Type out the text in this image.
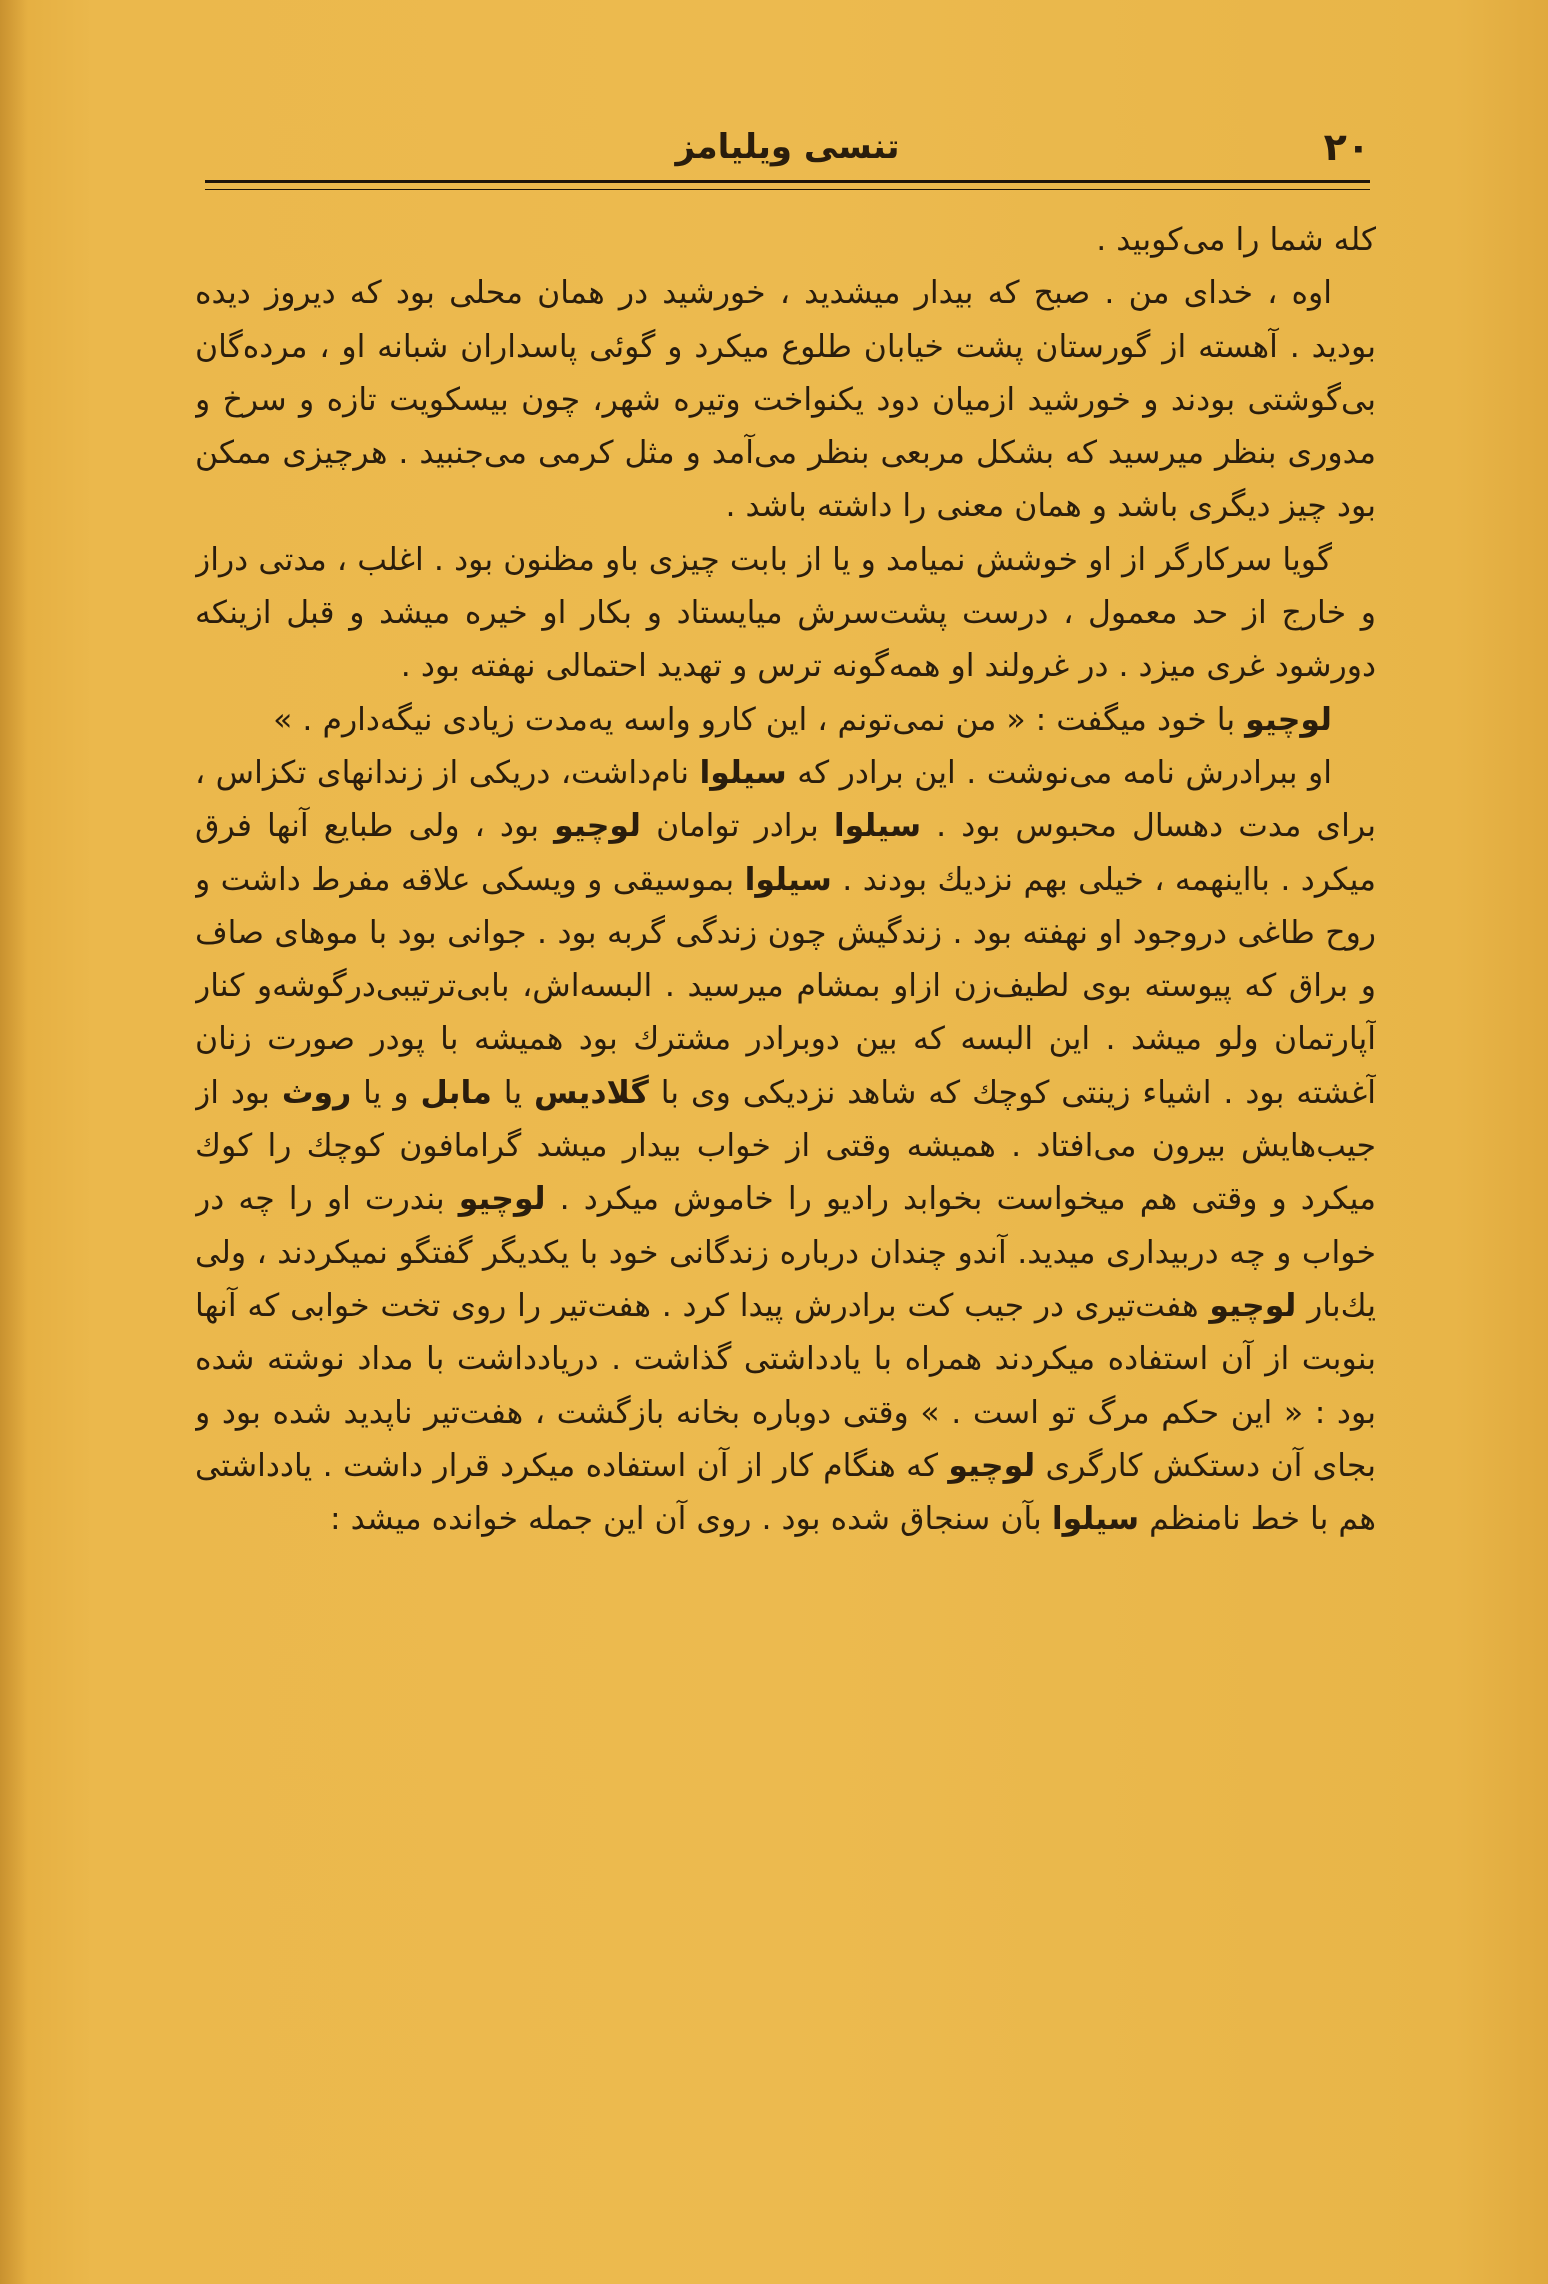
۲۰
تنسی ویلیامز

کله شما را می‌کوبید .

اوه ، خدای من . صبح که بیدار میشدید ، خورشید در همان محلی بود که دیروز دیده بودید . آهسته از گورستان پشت خیابان طلوع میکرد و گوئی پاسداران شبانه او ، مرده‌گان بی‌گوشتی بودند و خورشید ازمیان دود یکنواخت وتیره شهر، چون بیسکویت تازه و سرخ و مدوری بنظر میرسید که بشکل مربعی بنظر می‌آمد و مثل کرمی می‌جنبید . هرچیزی ممکن بود چیز دیگری باشد و همان معنی را داشته باشد .

گویا سرکارگر از او خوشش نمیامد و یا از بابت چیزی باو مظنون بود . اغلب ، مدتی دراز و خارج از حد معمول ، درست پشت‌سرش میایستاد و بکار او خیره میشد و قبل ازینکه دورشود غری میزد . در غرولند او همه‌گونه ترس و تهدید احتمالی نهفته بود .

لوچیو با خود میگفت : « من نمی‌تونم ، این کارو واسه یه‌مدت زیادی نیگه‌دارم . »

او ببرادرش نامه می‌نوشت . این برادر که سیلوا نام‌داشت، دریکی از زندانهای تکزاس ، برای مدت دهسال محبوس بود . سیلوا برادر توامان لوچیو بود ، ولی طبایع آنها فرق میکرد . بااینهمه ، خیلی بهم نزدیك بودند . سیلوا بموسیقی و ویسکی علاقه مفرط داشت و روح طاغی دروجود او نهفته بود . زندگیش چون زندگی گربه بود . جوانی بود با موهای صاف و براق که پیوسته بوی لطیف‌زن ازاو بمشام میرسید . البسه‌اش، بابی‌ترتیبی‌درگوشه‌و کنار آپارتمان ولو میشد . این البسه که بین دوبرادر مشترك بود همیشه با پودر صورت زنان آغشته بود . اشیاء زینتی کوچك که شاهد نزدیکی وی با گلادیس یا مابل و یا روث بود از جیب‌هایش بیرون می‌افتاد . همیشه وقتی از خواب بیدار میشد گرامافون کوچك را کوك میکرد و وقتی هم میخواست بخوابد رادیو را خاموش میکرد . لوچیو بندرت او را چه در خواب و چه دربیداری میدید. آندو چندان درباره زندگانی خود با یکدیگر گفتگو نمیکردند ، ولی یك‌بار لوچیو هفت‌تیری در جیب کت برادرش پیدا کرد . هفت‌تیر را روی تخت خوابی که آنها بنوبت از آن استفاده میکردند همراه با یادداشتی گذاشت . دریادداشت با مداد نوشته شده بود : « این حکم مرگ تو است . » وقتی دوباره بخانه بازگشت ، هفت‌تیر ناپدید شده بود و بجای آن دستکش کارگری لوچیو که هنگام کار از آن استفاده میکرد قرار داشت . یادداشتی هم با خط نامنظم سیلوا بآن سنجاق شده بود . روی آن این جمله خوانده میشد :
